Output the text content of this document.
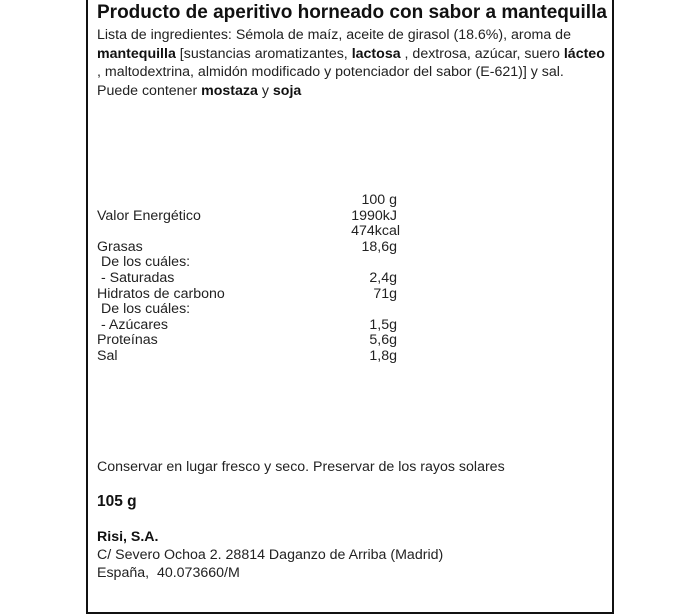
Producto de aperitivo horneado con sabor a mantequilla
Lista de ingredientes: Sémola de maíz, aceite de girasol (18.6%), aroma de mantequilla [sustancias aromatizantes, lactosa , dextrosa, azúcar, suero lácteo , maltodextrina, almidón modificado y potenciador del sabor (E-621)] y sal. Puede contener mostaza y soja
100 g
Valor Energético	1990kJ
474kcal
Grasas	18,6g
De los cuáles:
- Saturadas	2,4g
Hidratos de carbono	71g
De los cuáles:
- Azúcares	1,5g
Proteínas	5,6g
Sal	1,8g
Conservar en lugar fresco y seco. Preservar de los rayos solares
105 g
Risi, S.A.
C/ Severo Ochoa 2. 28814 Daganzo de Arriba (Madrid)
España,  40.073660/M
